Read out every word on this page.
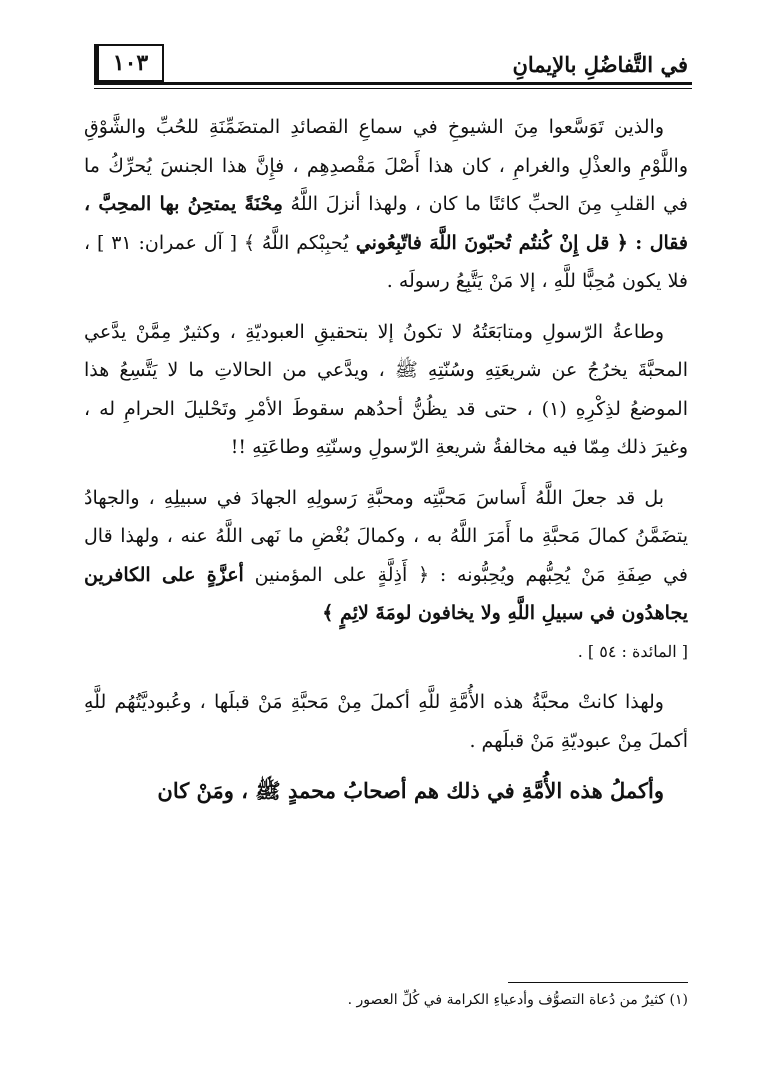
في التَّفاضُلِ بالإيمانِ
١٠٣

والذين تَوَسَّعوا مِنَ الشيوخِ في سماعِ القصائدِ المتضَمِّنَةِ للحُبِّ والشَّوْقِ واللَّوْمِ والعذْلِ والغرامِ ، كان هذا أَصْلَ مَقْصدِهِم ، فإِنَّ هذا الجنسَ يُحرِّكُ ما في القلبِ مِنَ الحبِّ كائنًا ما كان ، ولهذا أنزلَ اللَّهُ مِحْنَةً يمتحِنُ بها المحِبَّ ، فقال : ﴿ قل إِنْ كُنتُم تُحبّونَ اللَّهَ فاتّبِعُوني يُحبِبْكم اللَّهُ ﴾ [ آل عمران: ٣١ ] ، فلا يكون مُحِبًّا للَّهِ ، إلا مَنْ يَتَّبِعُ رسولَه .

وطاعةُ الرّسولِ ومتابَعَتُهُ لا تكونُ إلا بتحقيقِ العبوديّةِ ، وكثيرٌ مِمَّنْ يدَّعي المحبَّةَ يخرُجُ عن شريعَتِهِ وسُنّتِهِ ﷺ ، ويدَّعي من الحالاتِ ما لا يَتَّسِعُ هذا الموضعُ لذِكْرِهِ (١) ، حتى قد يظُنُّ أحدُهم سقوطَ الأمْرِ وتَحْليلَ الحرامِ له ، وغيرَ ذلك مِمّا فيه مخالفةُ شريعةِ الرّسولِ وسنّتِهِ وطاعَتِهِ !!

بل قد جعلَ اللَّهُ أَساسَ مَحبَّتِه ومحبَّةِ رَسولِهِ الجهادَ في سبيلِهِ ، والجهادُ يتضَمَّنُ كمالَ مَحبَّةِ ما أَمَرَ اللَّهُ به ، وكمالَ بُغْضِ ما نَهى اللَّهُ عنه ، ولهذا قال في صِفَةِ مَنْ يُحِبُّهم ويُحِبُّونه : ﴿ أَذِلَّةٍ على المؤمنين أعزَّةٍ على الكافرين يجاهدُون في سبيلِ اللَّهِ ولا يخافون لومَةَ لائِمٍ ﴾
[ المائدة : ٥٤ ] .

ولهذا كانتْ محبَّةُ هذه الأُمَّةِ للَّهِ أكملَ مِنْ مَحبَّةِ مَنْ قبلَها ، وعُبوديَّتُهُم للَّهِ أكملَ مِنْ عبوديّةِ مَنْ قبلَهم .

وأكملُ هذه الأُمَّةِ في ذلك هم أصحابُ محمدٍ ﷺ ، ومَنْ كان

(١) كثيرٌ من دُعاة التصوُّف وأدعياءِ الكرامة في كُلِّ العصور .
